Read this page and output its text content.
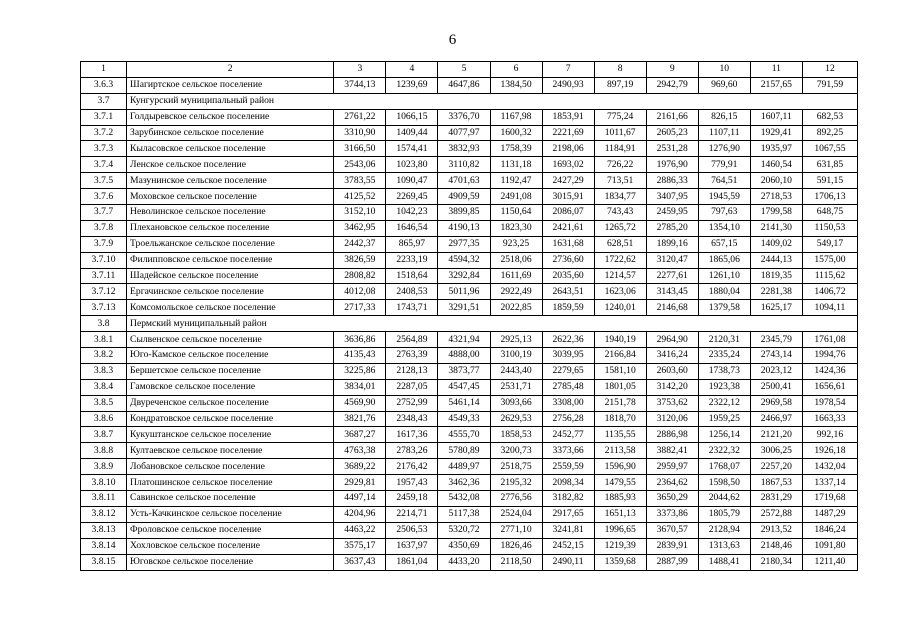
6
1	2	3	4	5	6	7	8	9	10	11	12
3.6.3	Шагиртское сельское поселение	3744,13	1239,69	4647,86	1384,50	2490,93	897,19	2942,79	969,60	2157,65	791,59
3.7	Кунгурский муниципальный район										
3.7.1	Голдыревское сельское поселение	2761,22	1066,15	3376,70	1167,98	1853,91	775,24	2161,66	826,15	1607,11	682,53
3.7.2	Зарубинское сельское поселение	3310,90	1409,44	4077,97	1600,32	2221,69	1011,67	2605,23	1107,11	1929,41	892,25
3.7.3	Кыласовское сельское поселение	3166,50	1574,41	3832,93	1758,39	2198,06	1184,91	2531,28	1276,90	1935,97	1067,55
3.7.4	Ленское сельское поселение	2543,06	1023,80	3110,82	1131,18	1693,02	726,22	1976,90	779,91	1460,54	631,85
3.7.5	Мазунинское сельское поселение	3783,55	1090,47	4701,63	1192,47	2427,29	713,51	2886,33	764,51	2060,10	591,15
3.7.6	Моховское сельское поселение	4125,52	2269,45	4909,59	2491,08	3015,91	1834,77	3407,95	1945,59	2718,53	1706,13
3.7.7	Неволинское сельское поселение	3152,10	1042,23	3899,85	1150,64	2086,07	743,43	2459,95	797,63	1799,58	648,75
3.7.8	Плехановское сельское поселение	3462,95	1646,54	4190,13	1823,30	2421,61	1265,72	2785,20	1354,10	2141,30	1150,53
3.7.9	Троельжанское сельское поселение	2442,37	865,97	2977,35	923,25	1631,68	628,51	1899,16	657,15	1409,02	549,17
3.7.10	Филипповское сельское поселение	3826,59	2233,19	4594,32	2518,06	2736,60	1722,62	3120,47	1865,06	2444,13	1575,00
3.7.11	Шадейское сельское поселение	2808,82	1518,64	3292,84	1611,69	2035,60	1214,57	2277,61	1261,10	1819,35	1115,62
3.7.12	Ергачинское сельское поселение	4012,08	2408,53	5011,96	2922,49	2643,51	1623,06	3143,45	1880,04	2281,38	1406,72
3.7.13	Комсомольское сельское поселение	2717,33	1743,71	3291,51	2022,85	1859,59	1240,01	2146,68	1379,58	1625,17	1094,11
3.8	Пермский муниципальный район										
3.8.1	Сылвенское сельское поселение	3636,86	2564,89	4321,94	2925,13	2622,36	1940,19	2964,90	2120,31	2345,79	1761,08
3.8.2	Юго-Камское сельское поселение	4135,43	2763,39	4888,00	3100,19	3039,95	2166,84	3416,24	2335,24	2743,14	1994,76
3.8.3	Бершетское сельское поселение	3225,86	2128,13	3873,77	2443,40	2279,65	1581,10	2603,60	1738,73	2023,12	1424,36
3.8.4	Гамовское сельское поселение	3834,01	2287,05	4547,45	2531,71	2785,48	1801,05	3142,20	1923,38	2500,41	1656,61
3.8.5	Двуреченское сельское поселение	4569,90	2752,99	5461,14	3093,66	3308,00	2151,78	3753,62	2322,12	2969,58	1978,54
3.8.6	Кондратовское сельское поселение	3821,76	2348,43	4549,33	2629,53	2756,28	1818,70	3120,06	1959,25	2466,97	1663,33
3.8.7	Кукуштанское сельское поселение	3687,27	1617,36	4555,70	1858,53	2452,77	1135,55	2886,98	1256,14	2121,20	992,16
3.8.8	Култаевское сельское поселение	4763,38	2783,26	5780,89	3200,73	3373,66	2113,58	3882,41	2322,32	3006,25	1926,18
3.8.9	Лобановское сельское поселение	3689,22	2176,42	4489,97	2518,75	2559,59	1596,90	2959,97	1768,07	2257,20	1432,04
3.8.10	Платошинское сельское поселение	2929,81	1957,43	3462,36	2195,32	2098,34	1479,55	2364,62	1598,50	1867,53	1337,14
3.8.11	Савинское сельское поселение	4497,14	2459,18	5432,08	2776,56	3182,82	1885,93	3650,29	2044,62	2831,29	1719,68
3.8.12	Усть-Качкинское сельское поселение	4204,96	2214,71	5117,38	2524,04	2917,65	1651,13	3373,86	1805,79	2572,88	1487,29
3.8.13	Фроловское сельское поселение	4463,22	2506,53	5320,72	2771,10	3241,81	1996,65	3670,57	2128,94	2913,52	1846,24
3.8.14	Хохловское сельское поселение	3575,17	1637,97	4350,69	1826,46	2452,15	1219,39	2839,91	1313,63	2148,46	1091,80
3.8.15	Юговское сельское поселение	3637,43	1861,04	4433,20	2118,50	2490,11	1359,68	2887,99	1488,41	2180,34	1211,40
